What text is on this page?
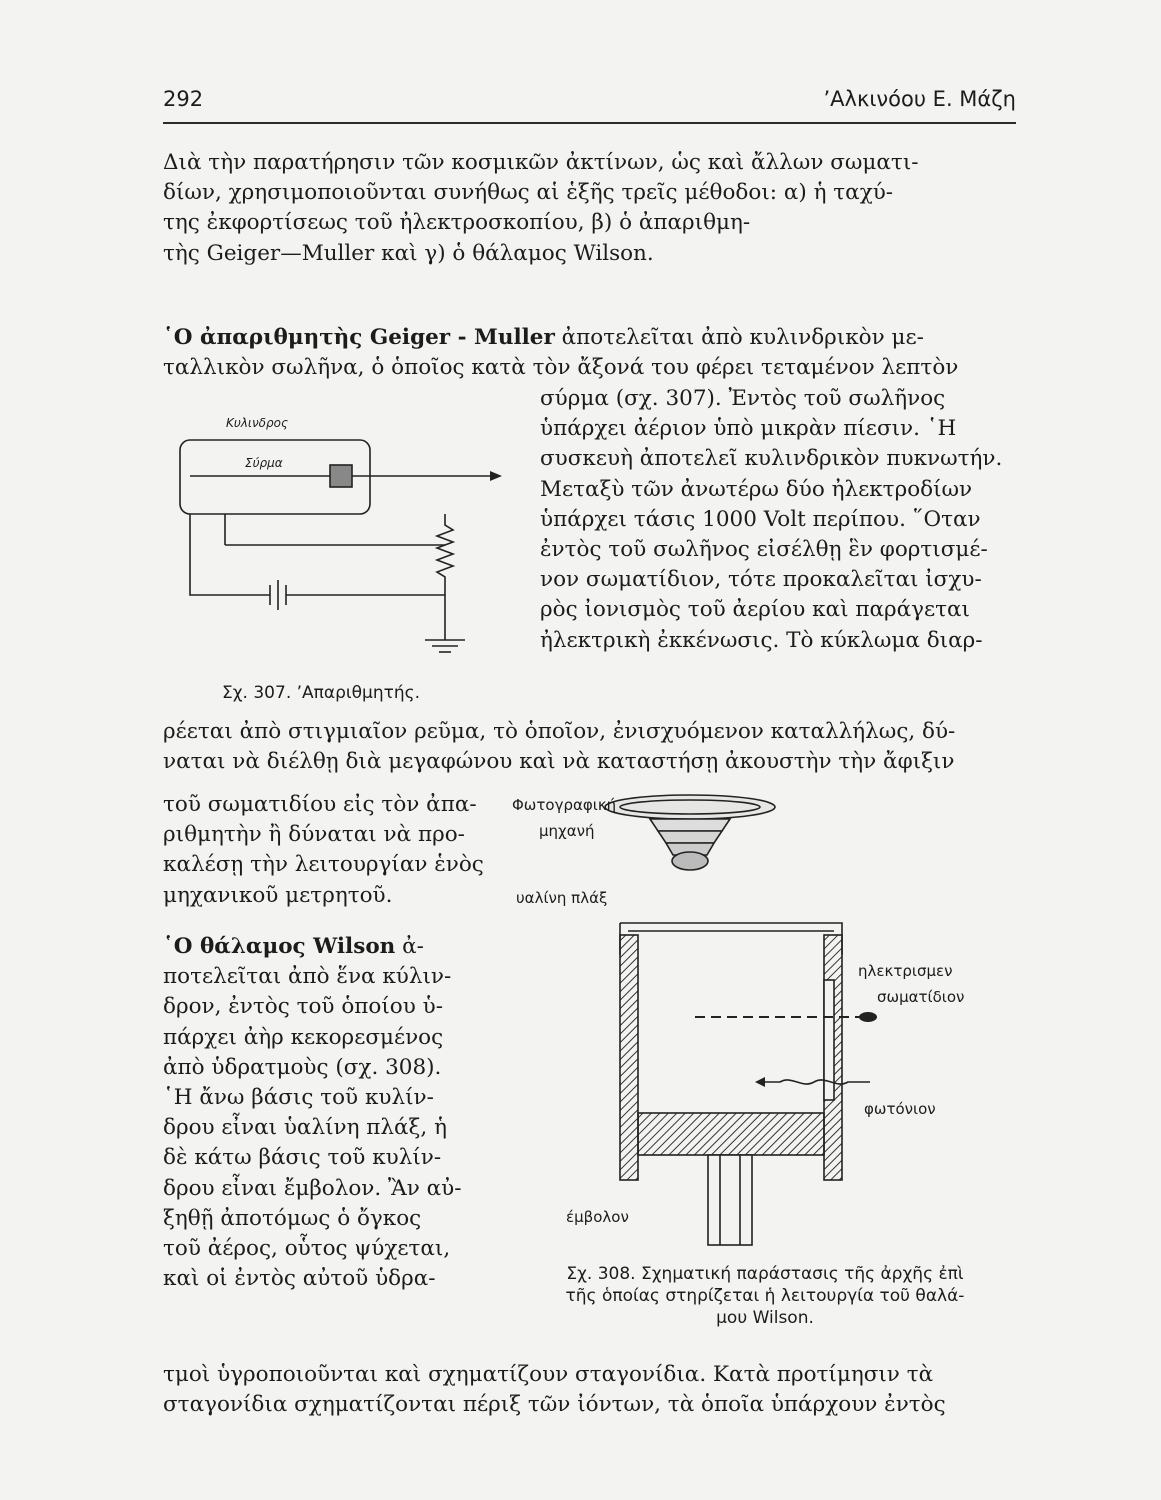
292	’Αλκινόου Ε. Μάζη
Διὰ τὴν παρατήρησιν τῶν κοσμικῶν ἀκτίνων, ὡς καὶ ἄλλων σωματι-
δίων, χρησιμοποιοῦνται συνήθως αἱ ἑξῆς τρεῖς μέθοδοι: α) ἡ ταχύ-
της ἐκφορτίσεως τοῦ ἠλεκτροσκοπίου, β) ὁ ἀπαριθμη-
τὴς Geiger—Muller καὶ γ) ὁ θάλαμος Wilson.
῾Ο ἀπαριθμητὴς Geiger - Muller ἀποτελεῖται ἀπὸ κυλινδρικὸν με-
ταλλικὸν σωλῆνα, ὁ ὁποῖος κατὰ τὸν ἄξονά του φέρει τεταμένον λεπτὸν
σύρμα (σχ. 307). Ἐντὸς τοῦ σωλῆνος
ὑπάρχει ἀέριον ὑπὸ μικρὰν πίεσιν. ῾Η
συσκευὴ ἀποτελεῖ κυλινδρικὸν πυκνωτήν.
Μεταξὺ τῶν ἀνωτέρω δύο ἠλεκτροδίων
ὑπάρχει τάσις 1000 Volt περίπου. ῞Οταν
ἐντὸς τοῦ σωλῆνος εἰσέλθῃ ἓν φορτισμέ-
νον σωματίδιον, τότε προκαλεῖται ἰσχυ-
ρὸς ἰονισμὸς τοῦ ἀερίου καὶ παράγεται
ἠλεκτρικὴ ἐκκένωσις. Τὸ κύκλωμα διαρ-
Κυλινδρος
Σύρμα
Σχ. 307. ’Απαριθμητής.
ρέεται ἀπὸ στιγμιαῖον ρεῦμα, τὸ ὁποῖον, ἐνισχυόμενον καταλλήλως, δύ-
ναται νὰ διέλθῃ διὰ μεγαφώνου καὶ νὰ καταστήσῃ ἀκουστὴν τὴν ἄφιξιν
τοῦ σωματιδίου εἰς τὸν ἀπα-
ριθμητὴν ἢ δύναται νὰ προ-
καλέσῃ τὴν λειτουργίαν ἑνὸς
μηχανικοῦ μετρητοῦ.
῾Ο θάλαμος Wilson ἀ-
ποτελεῖται ἀπὸ ἕνα κύλιν-
δρον, ἐντὸς τοῦ ὁποίου ὑ-
πάρχει ἀὴρ κεκορεσμένος
ἀπὸ ὑδρατμοὺς (σχ. 308).
῾Η ἄνω βάσις τοῦ κυλίν-
δρου εἶναι ὑαλίνη πλάξ, ἡ
δὲ κάτω βάσις τοῦ κυλίν-
δρου εἶναι ἔμβολον. Ἂν αὐ-
ξηθῇ ἀποτόμως ὁ ὄγκος
τοῦ ἀέρος, οὗτος ψύχεται,
καὶ οἱ ἐντὸς αὐτοῦ ὑδρα-
Φωτογραφική
μηχανή
υαλίνη πλάξ
ηλεκτρισμεν
σωματίδιον
φωτόνιον
έμβολον
Σχ. 308. Σχηματική παράστασις τῆς ἀρχῆς ἐπὶ
τῆς ὁποίας στηρίζεται ἡ λειτουργία τοῦ θαλά-
μου Wilson.
τμοὶ ὑγροποιοῦνται καὶ σχηματίζουν σταγονίδια. Κατὰ προτίμησιν τὰ
σταγονίδια σχηματίζονται πέριξ τῶν ἰόντων, τὰ ὁποῖα ὑπάρχουν ἐντὸς
